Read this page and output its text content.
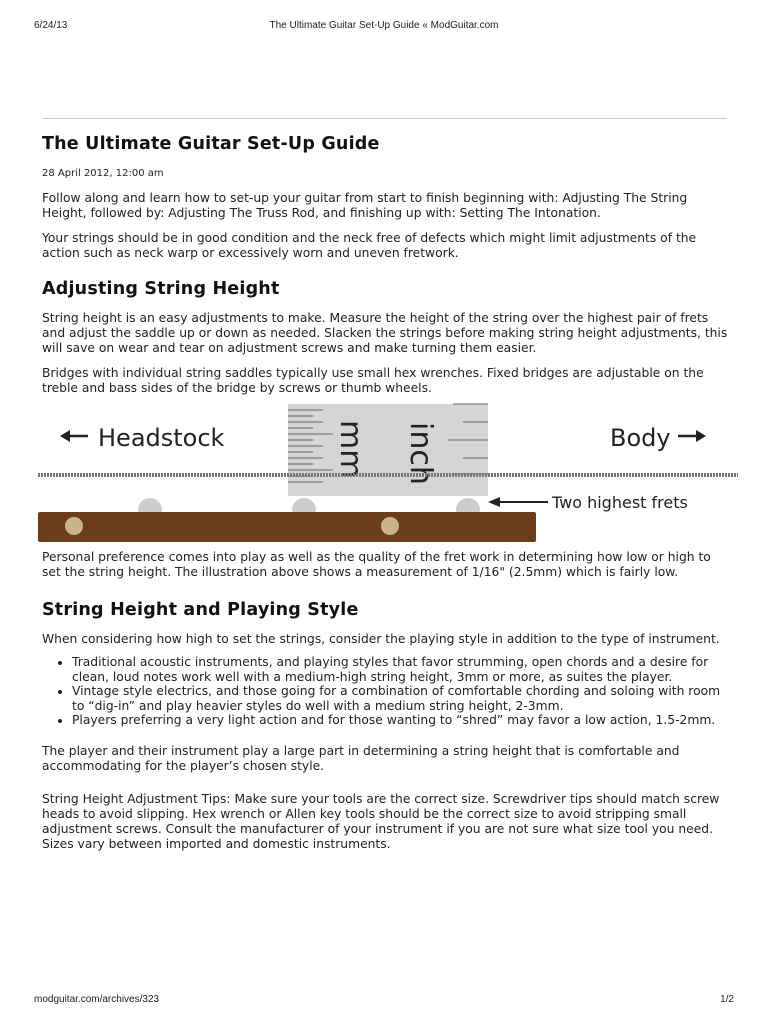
6/24/13	The Ultimate Guitar Set-Up Guide « ModGuitar.com
The Ultimate Guitar Set-Up Guide
28 April 2012, 12:00 am

Follow along and learn how to set-up your guitar from start to finish beginning with: Adjusting The String Height, followed by: Adjusting The Truss Rod, and finishing up with: Setting The Intonation.

Your strings should be in good condition and the neck free of defects which might limit adjustments of the action such as neck warp or excessively worn and uneven fretwork.

Adjusting String Height

String height is an easy adjustments to make. Measure the height of the string over the highest pair of frets and adjust the saddle up or down as needed. Slacken the strings before making string height adjustments, this will save on wear and tear on adjustment screws and make turning them easier.

Bridges with individual string saddles typically use small hex wrenches. Fixed bridges are adjustable on the treble and bass sides of the bridge by screws or thumb wheels.

mm inch
Headstock	Body
Two highest frets

Personal preference comes into play as well as the quality of the fret work in determining how low or high to set the string height. The illustration above shows a measurement of 1/16" (2.5mm) which is fairly low.

String Height and Playing Style

When considering how high to set the strings, consider the playing style in addition to the type of instrument.

• Traditional acoustic instruments, and playing styles that favor strumming, open chords and a desire for clean, loud notes work well with a medium-high string height, 3mm or more, as suites the player.
• Vintage style electrics, and those going for a combination of comfortable chording and soloing with room to “dig-in” and play heavier styles do well with a medium string height, 2-3mm.
• Players preferring a very light action and for those wanting to “shred” may favor a low action, 1.5-2mm.

The player and their instrument play a large part in determining a string height that is comfortable and accommodating for the player’s chosen style.

String Height Adjustment Tips: Make sure your tools are the correct size. Screwdriver tips should match screw heads to avoid slipping. Hex wrench or Allen key tools should be the correct size to avoid stripping small adjustment screws. Consult the manufacturer of your instrument if you are not sure what size tool you need. Sizes vary between imported and domestic instruments.

modguitar.com/archives/323	1/2
